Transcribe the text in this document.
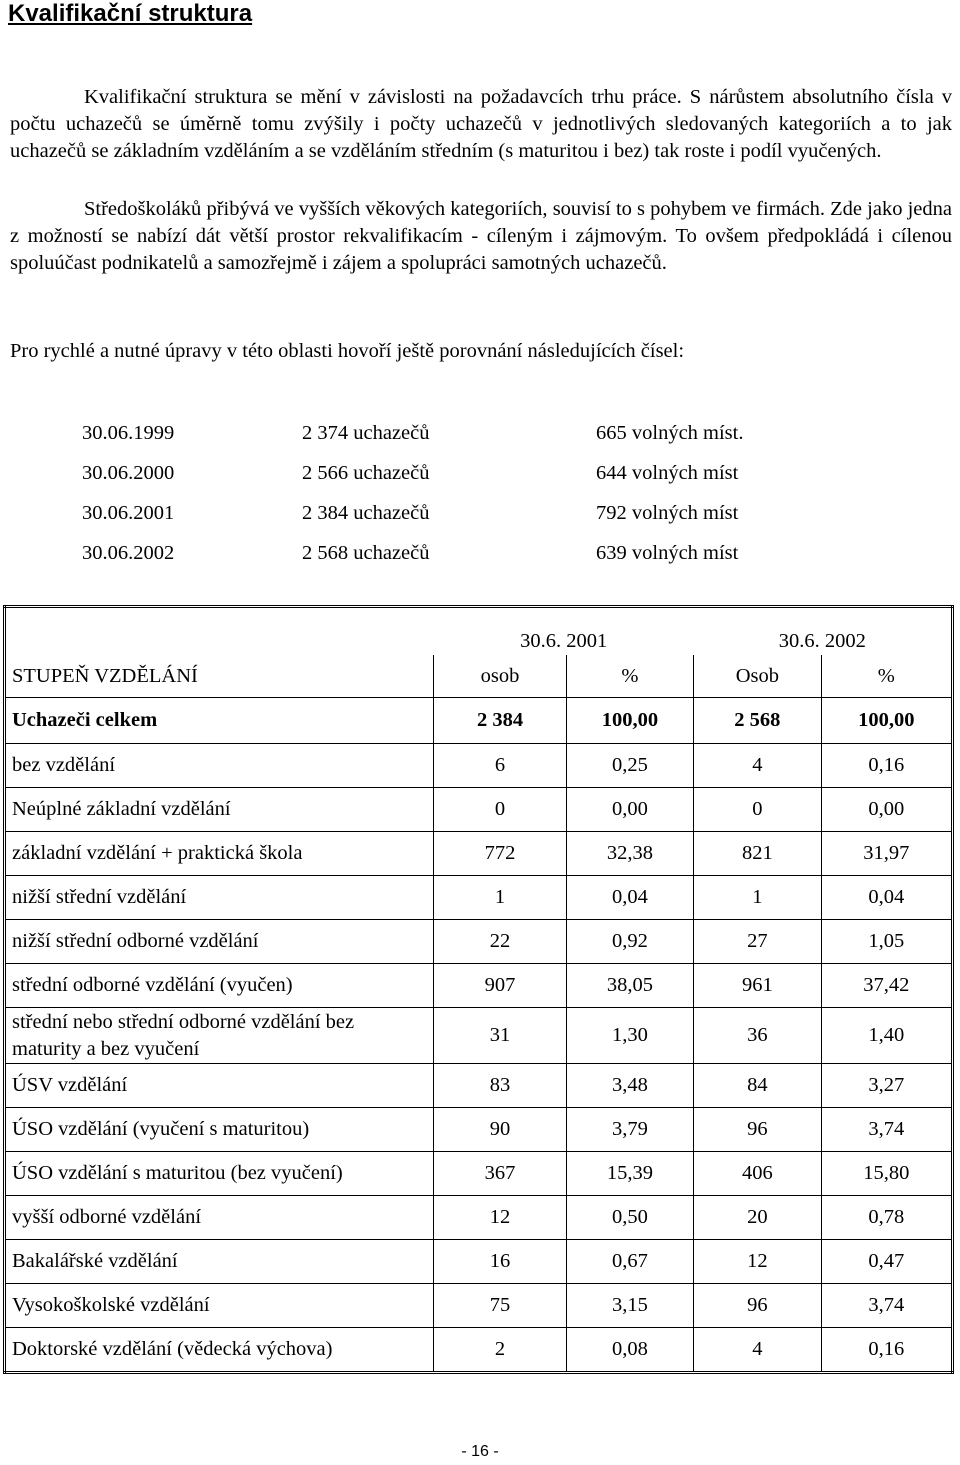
Kvalifikační struktura

Kvalifikační struktura se mění v závislosti na požadavcích trhu práce. S nárůstem absolutního čísla v počtu uchazečů se úměrně tomu zvýšily i počty uchazečů v jednotlivých sledovaných kategoriích a to jak uchazečů se základním vzděláním a se vzděláním středním (s maturitou i bez) tak roste i podíl vyučených.

Středoškoláků přibývá ve vyšších věkových kategoriích, souvisí to s pohybem ve firmách. Zde jako jedna z možností se nabízí dát větší prostor rekvalifikacím - cíleným i zájmovým. To ovšem předpokládá i cílenou spoluúčast podnikatelů a samozřejmě i zájem a spolupráci samotných uchazečů.

Pro rychlé a nutné úpravy v této oblasti hovoří ještě porovnání následujících čísel:

30.06.1999	2 374 uchazečů	665 volných míst.
30.06.2000	2 566 uchazečů	644 volných míst
30.06.2001	2 384 uchazečů	792 volných míst
30.06.2002	2 568 uchazečů	639 volných míst
	30.6. 2001		30.6. 2002	
STUPEŇ VZDĚLÁNÍ	osob	%	Osob	%
Uchazeči celkem	2 384	100,00	2 568	100,00
bez vzdělání	6	0,25	4	0,16
Neúplné základní vzdělání	0	0,00	0	0,00
základní vzdělání + praktická škola	772	32,38	821	31,97
nižší střední vzdělání	1	0,04	1	0,04
nižší střední odborné vzdělání	22	0,92	27	1,05
střední odborné vzdělání (vyučen)	907	38,05	961	37,42
střední nebo střední odborné vzdělání bez maturity a bez vyučení	31	1,30	36	1,40
ÚSV vzdělání	83	3,48	84	3,27
ÚSO vzdělání (vyučení s maturitou)	90	3,79	96	3,74
ÚSO vzdělání s maturitou (bez vyučení)	367	15,39	406	15,80
vyšší odborné vzdělání	12	0,50	20	0,78
Bakalářské vzdělání	16	0,67	12	0,47
Vysokoškolské vzdělání	75	3,15	96	3,74
Doktorské vzdělání (vědecká výchova)	2	0,08	4	0,16
- 16 -
